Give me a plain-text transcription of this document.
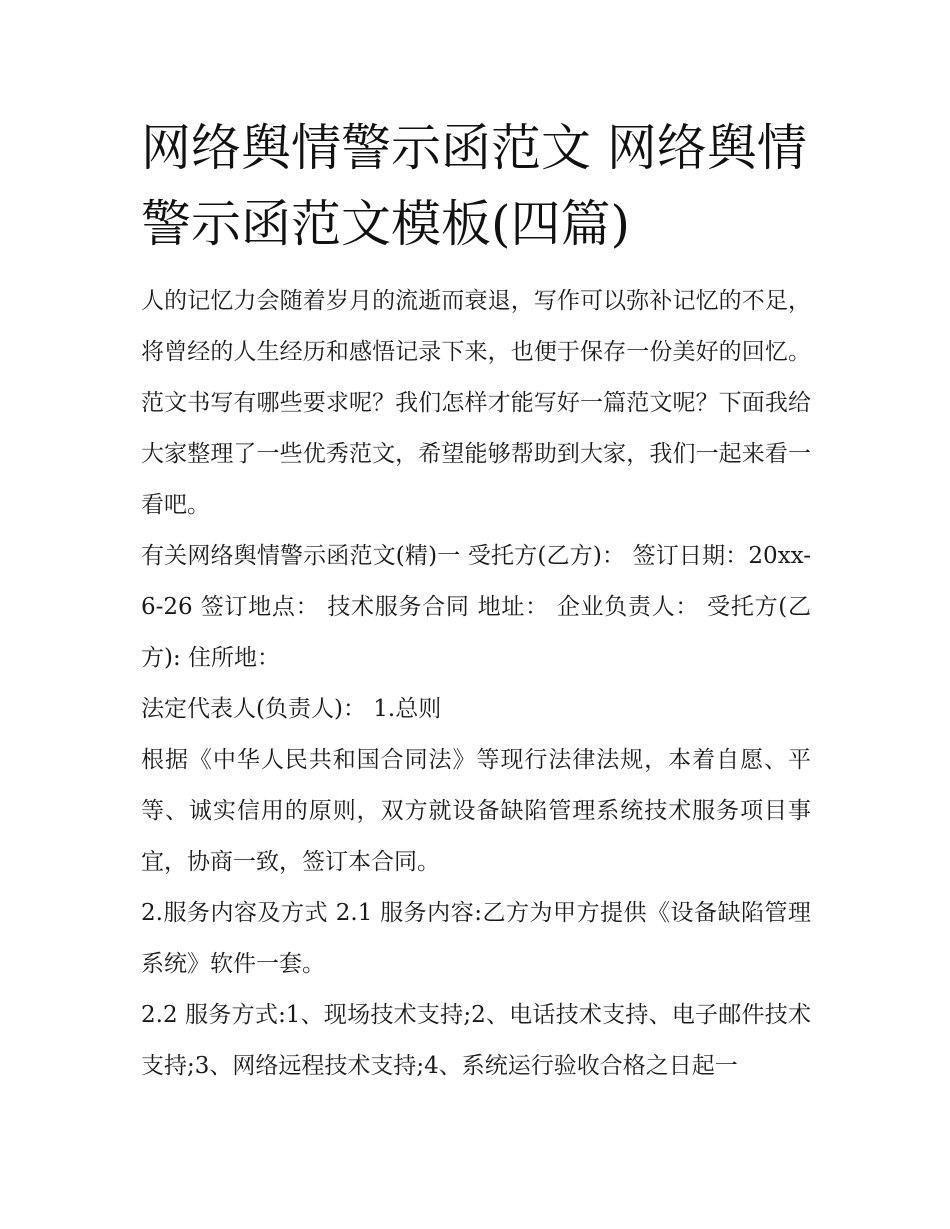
网络舆情警示函范文 网络舆情警示函范文模板(四篇)

人的记忆力会随着岁月的流逝而衰退，写作可以弥补记忆的不足，将曾经的人生经历和感悟记录下来，也便于保存一份美好的回忆。范文书写有哪些要求呢？我们怎样才能写好一篇范文呢？下面我给大家整理了一些优秀范文，希望能够帮助到大家，我们一起来看一看吧。

有关网络舆情警示函范文(精)一 受托方(乙方)： 签订日期：20xx-6-26 签订地点： 技术服务合同 地址： 企业负责人： 受托方(乙方): 住所地：

法定代表人(负责人)： 1.总则

根据《中华人民共和国合同法》等现行法律法规，本着自愿、平等、诚实信用的原则，双方就设备缺陷管理系统技术服务项目事宜，协商一致，签订本合同。

2.服务内容及方式 2.1 服务内容:乙方为甲方提供《设备缺陷管理系统》软件一套。

2.2 服务方式:1、现场技术支持;2、电话技术支持、电子邮件技术支持;3、网络远程技术支持;4、系统运行验收合格之日起一
